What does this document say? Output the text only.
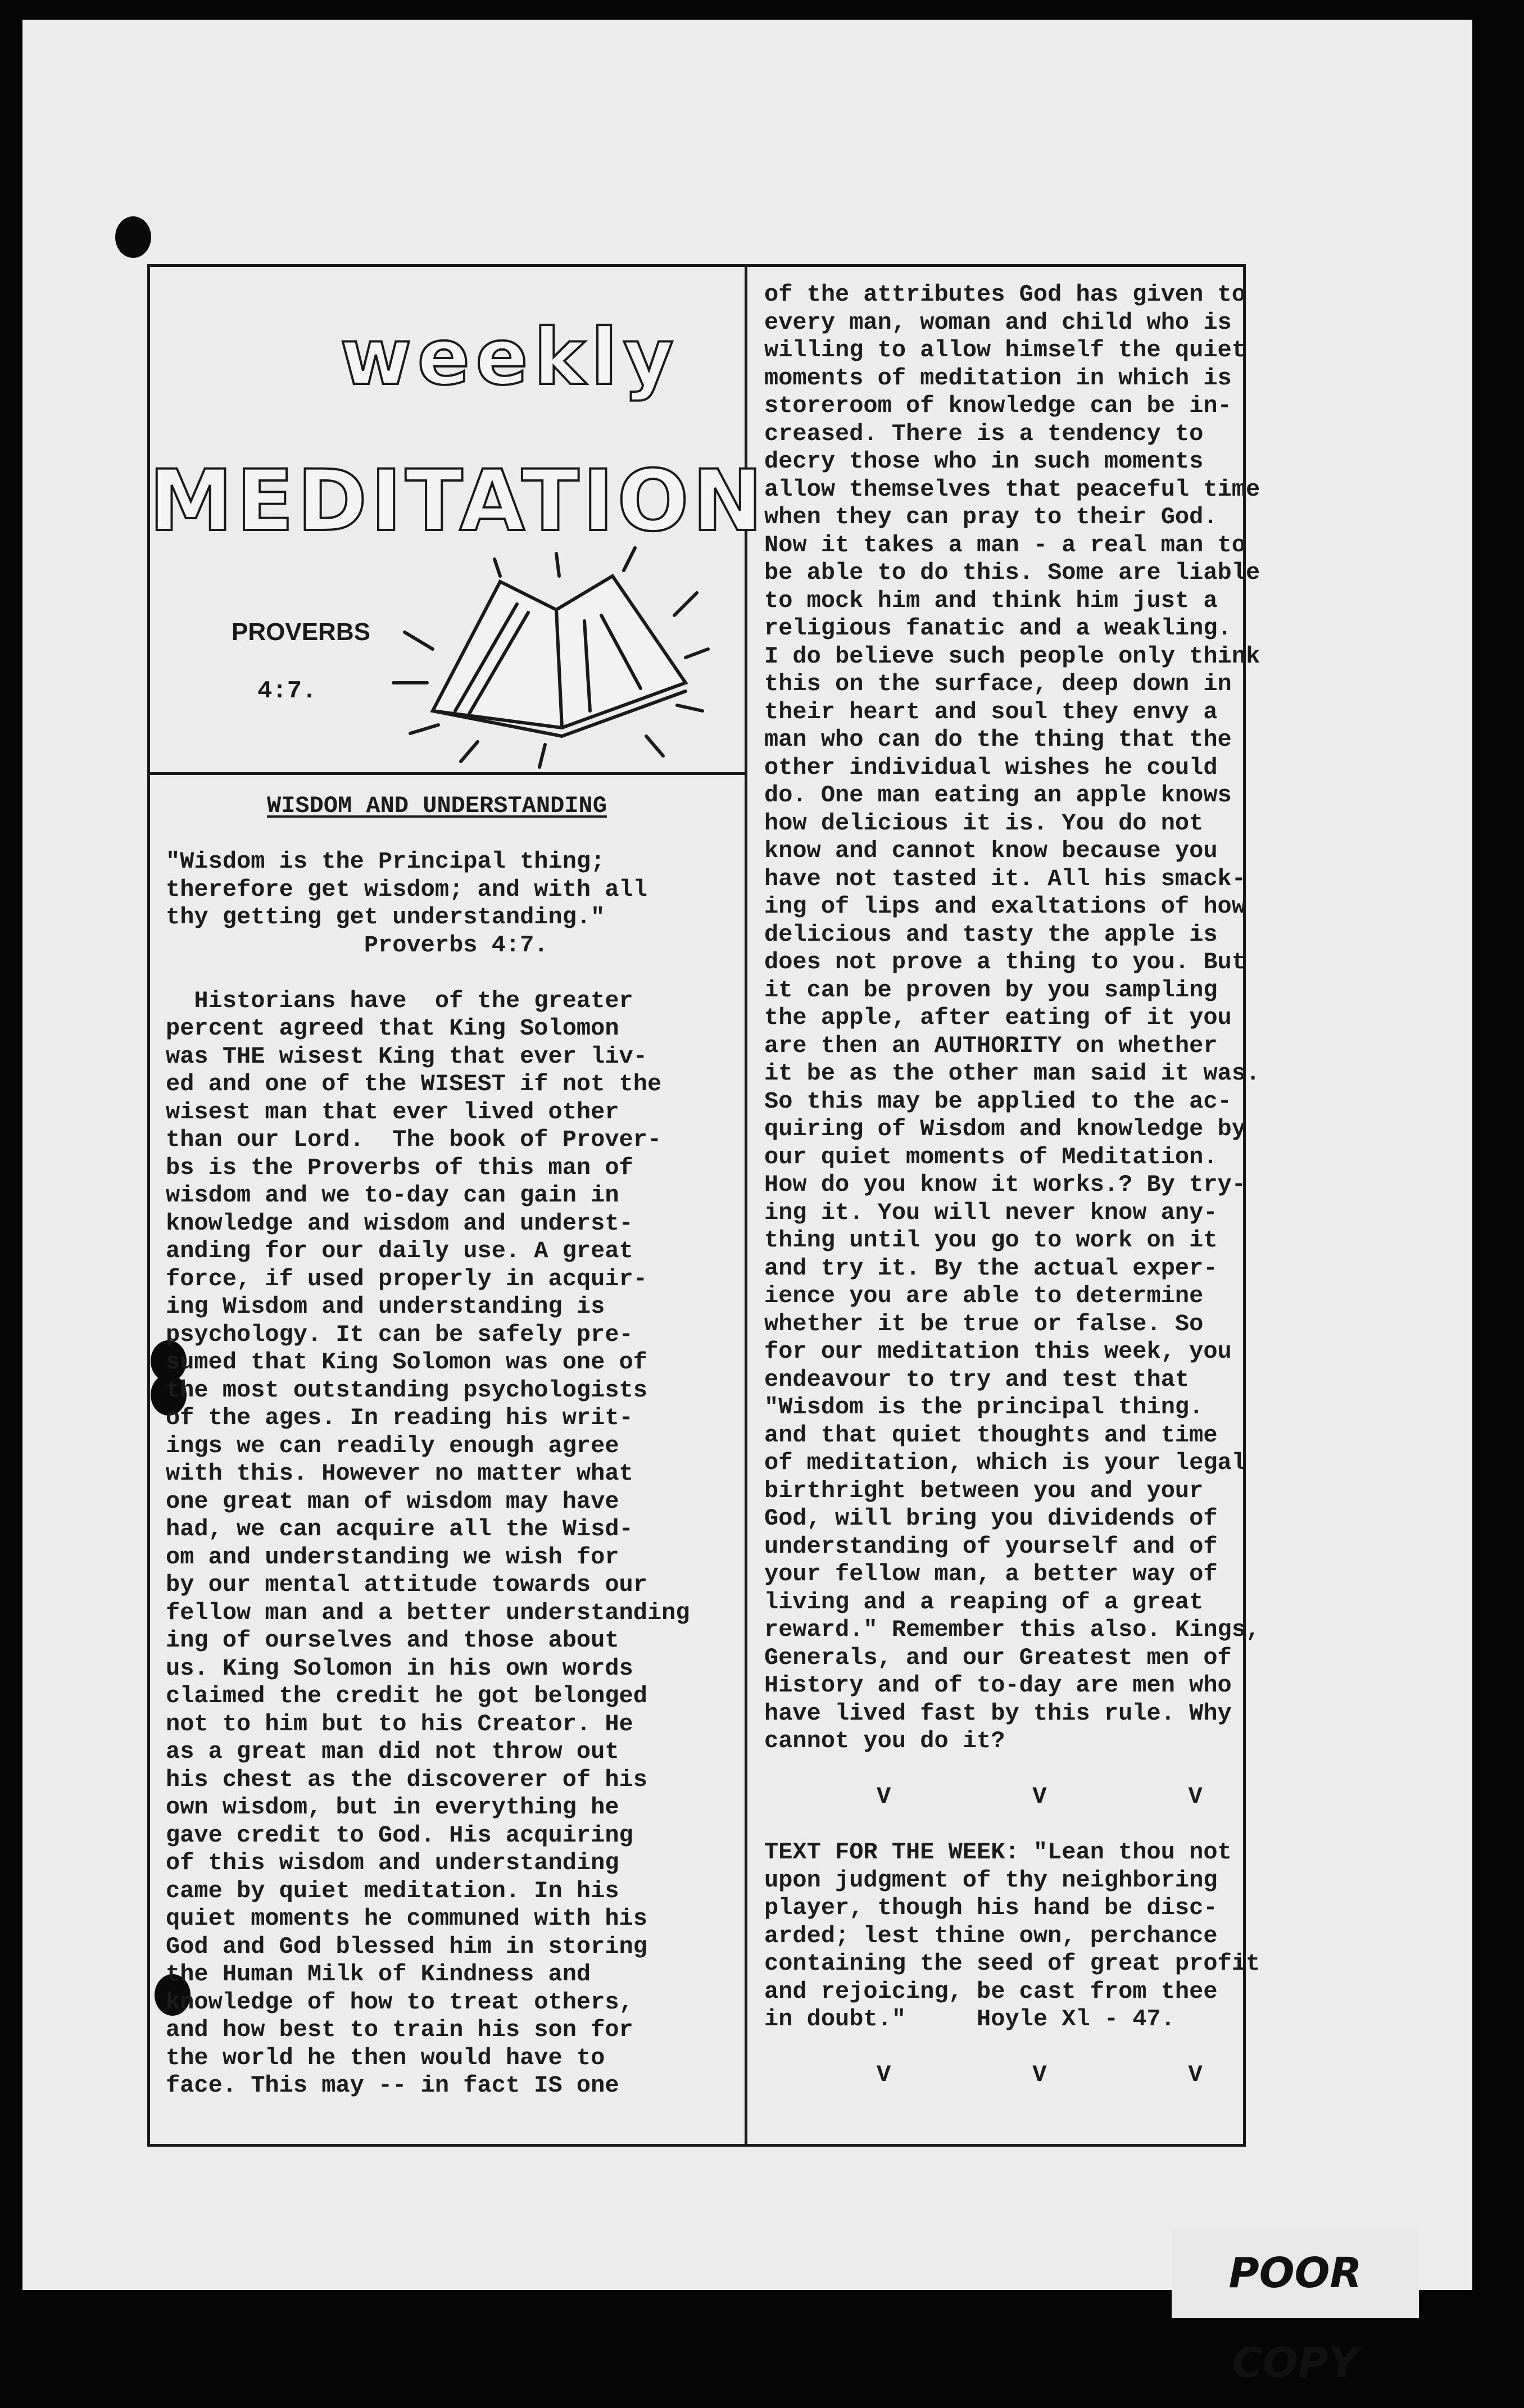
weekly
MEDITATION
PROVERBS
4:7.

WISDOM AND UNDERSTANDING

"Wisdom is the Principal thing;

therefore get wisdom; and with all

thy getting get understanding."

Proverbs 4:7.

Historians have  of the greater

percent agreed that King Solomon

was THE wisest King that ever liv-

ed and one of the WISEST if not the

wisest man that ever lived other

than our Lord.  The book of Prover-

bs is the Proverbs of this man of

wisdom and we to-day can gain in

knowledge and wisdom and underst-

anding for our daily use. A great

force, if used properly in acquir-

ing Wisdom and understanding is

psychology. It can be safely pre-

sumed that King Solomon was one of

the most outstanding psychologists

of the ages. In reading his writ-

ings we can readily enough agree

with this. However no matter what

one great man of wisdom may have

had, we can acquire all the Wisd-

om and understanding we wish for

by our mental attitude towards our

fellow man and a better understanding

ing of ourselves and those about

us. King Solomon in his own words

claimed the credit he got belonged

not to him but to his Creator. He

as a great man did not throw out

his chest as the discoverer of his

own wisdom, but in everything he

gave credit to God. His acquiring

of this wisdom and understanding

came by quiet meditation. In his

quiet moments he communed with his

God and God blessed him in storing

the Human Milk of Kindness and

knowledge of how to treat others,

and how best to train his son for

the world he then would have to

face. This may -- in fact IS one

of the attributes God has given to

every man, woman and child who is

willing to allow himself the quiet

moments of meditation in which is

storeroom of knowledge can be in-

creased. There is a tendency to

decry those who in such moments

allow themselves that peaceful time

when they can pray to their God.

Now it takes a man - a real man to

be able to do this. Some are liable

to mock him and think him just a

religious fanatic and a weakling.

I do believe such people only think

this on the surface, deep down in

their heart and soul they envy a

man who can do the thing that the

other individual wishes he could

do. One man eating an apple knows

how delicious it is. You do not

know and cannot know because you

have not tasted it. All his smack-

ing of lips and exaltations of how

delicious and tasty the apple is

does not prove a thing to you. But

it can be proven by you sampling

the apple, after eating of it you

are then an AUTHORITY on whether

it be as the other man said it was.

So this may be applied to the ac-

quiring of Wisdom and knowledge by

our quiet moments of Meditation.

How do you know it works.? By try-

ing it. You will never know any-

thing until you go to work on it

and try it. By the actual exper-

ience you are able to determine

whether it be true or false. So

for our meditation this week, you

endeavour to try and test that

"Wisdom is the principal thing.

and that quiet thoughts and time

of meditation, which is your legal

birthright between you and your

God, will bring you dividends of

understanding of yourself and of

your fellow man, a better way of

living and a reaping of a great

reward." Remember this also. Kings,

Generals, and our Greatest men of

History and of to-day are men who

have lived fast by this rule. Why

cannot you do it?

V          V          V

TEXT FOR THE WEEK: "Lean thou not

upon judgment of thy neighboring

player, though his hand be disc-

arded; lest thine own, perchance

containing the seed of great profit

and rejoicing, be cast from thee

in doubt."     Hoyle Xl - 47.

V          V          V

POOR COPY
